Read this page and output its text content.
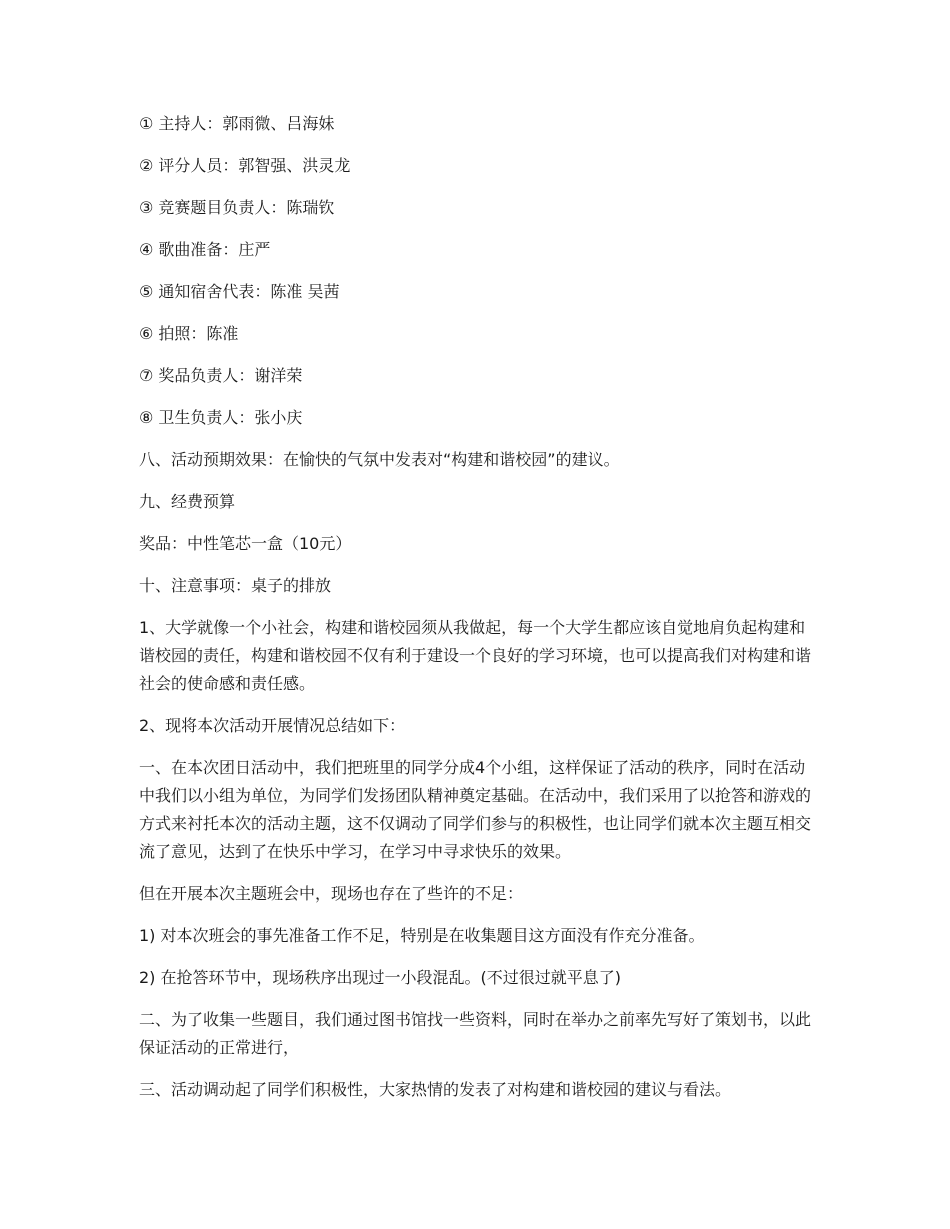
① 主持人：郭雨微、吕海妹

② 评分人员：郭智强、洪灵龙

③ 竞赛题目负责人：陈瑞钦

④ 歌曲准备：庄严

⑤ 通知宿舍代表：陈准 吴茜

⑥ 拍照：陈准

⑦ 奖品负责人：谢洋荣

⑧ 卫生负责人：张小庆

八、活动预期效果：在愉快的气氛中发表对“构建和谐校园”的建议。

九、经费预算

奖品：中性笔芯一盒（10元）

十、注意事项：桌子的排放

1、大学就像一个小社会，构建和谐校园须从我做起，每一个大学生都应该自觉地肩负起构建和谐校园的责任，构建和谐校园不仅有利于建设一个良好的学习环境，也可以提高我们对构建和谐社会的使命感和责任感。

2、现将本次活动开展情况总结如下：

一、在本次团日活动中，我们把班里的同学分成4个小组，这样保证了活动的秩序，同时在活动中我们以小组为单位，为同学们发扬团队精神奠定基础。在活动中，我们采用了以抢答和游戏的方式来衬托本次的活动主题，这不仅调动了同学们参与的积极性，也让同学们就本次主题互相交流了意见，达到了在快乐中学习，在学习中寻求快乐的效果。

但在开展本次主题班会中，现场也存在了些许的不足：

1) 对本次班会的事先准备工作不足，特别是在收集题目这方面没有作充分准备。

2) 在抢答环节中，现场秩序出现过一小段混乱。(不过很过就平息了)

二、为了收集一些题目，我们通过图书馆找一些资料，同时在举办之前率先写好了策划书，以此保证活动的正常进行，

三、活动调动起了同学们积极性，大家热情的发表了对构建和谐校园的建议与看法。
